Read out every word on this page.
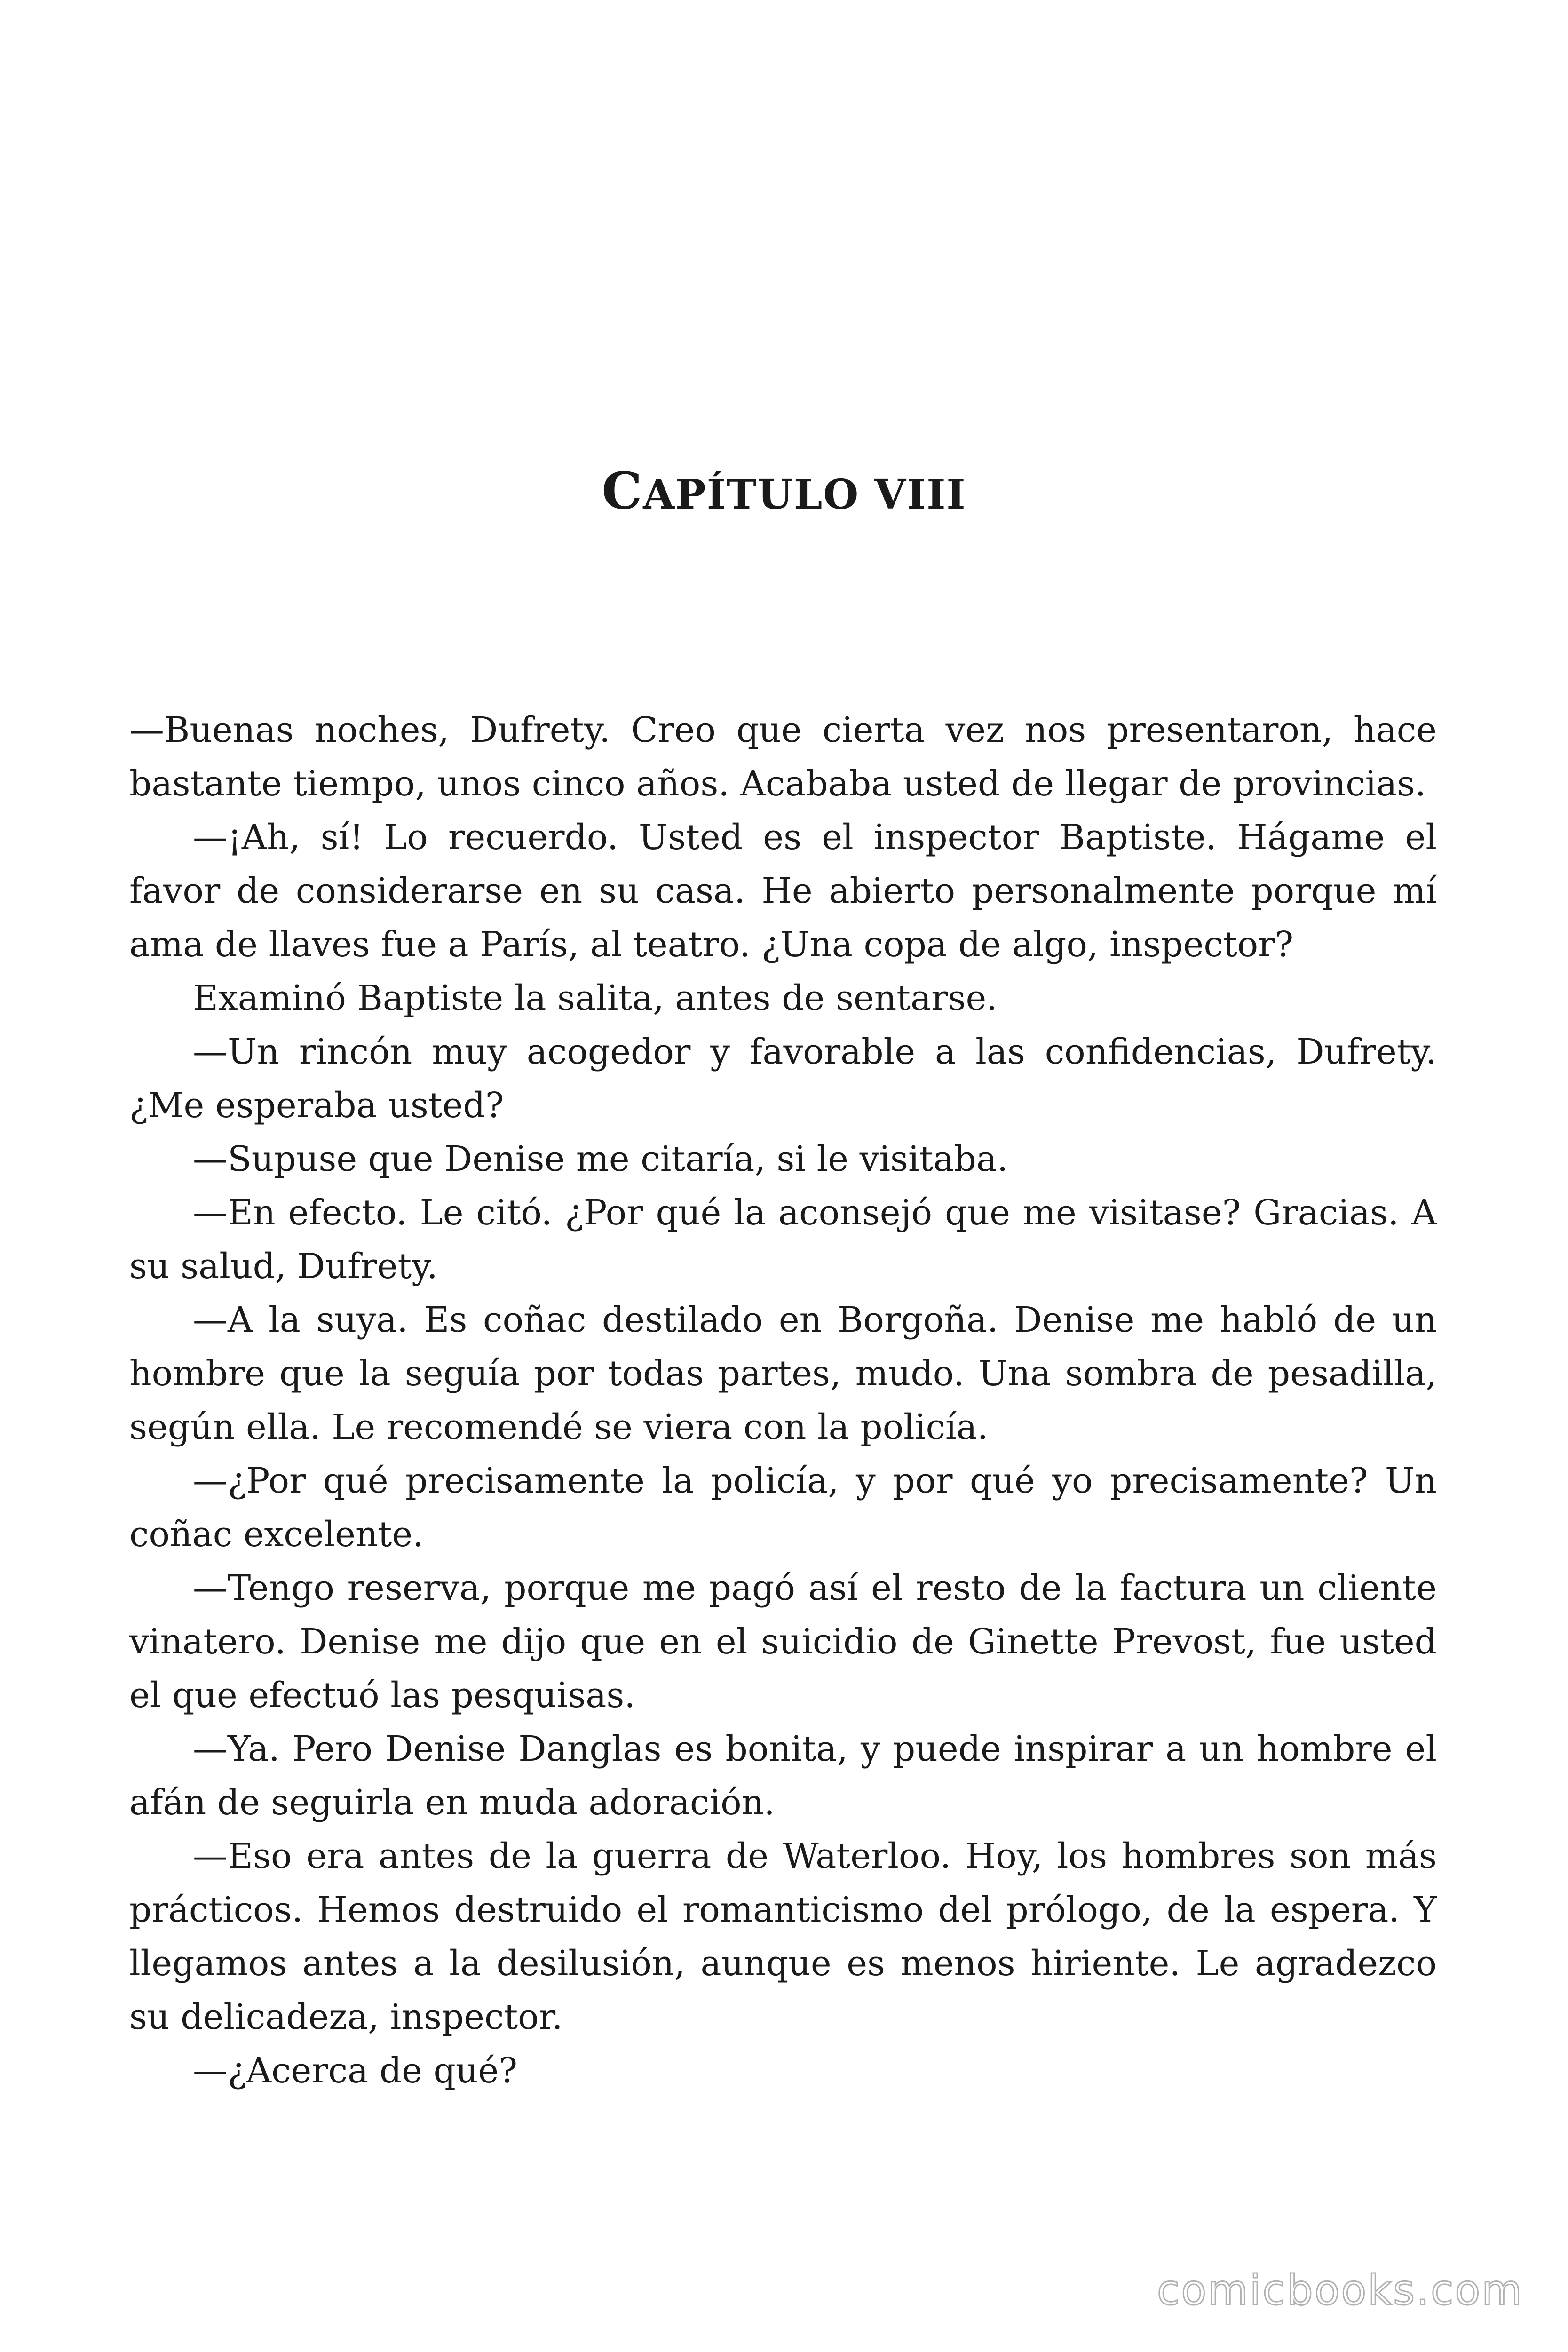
CAPÍTULO VIII

—Buenas noches, Dufrety. Creo que cierta vez nos presentaron, hace bastante tiempo, unos cinco años. Acababa usted de llegar de provincias.

—¡Ah, sí! Lo recuerdo. Usted es el inspector Baptiste. Hágame el favor de considerarse en su casa. He abierto personalmente porque mí ama de llaves fue a París, al teatro. ¿Una copa de algo, inspector?

Examinó Baptiste la salita, antes de sentarse.

—Un rincón muy acogedor y favorable a las confidencias, Dufrety. ¿Me esperaba usted?

—Supuse que Denise me citaría, si le visitaba.

—En efecto. Le citó. ¿Por qué la aconsejó que me visitase? Gracias. A su salud, Dufrety.

—A la suya. Es coñac destilado en Borgoña. Denise me habló de un hombre que la seguía por todas partes, mudo. Una sombra de pesadilla, según ella. Le recomendé se viera con la policía.

—¿Por qué precisamente la policía, y por qué yo precisamente? Un coñac excelente.

—Tengo reserva, porque me pagó así el resto de la factura un cliente vinatero. Denise me dijo que en el suicidio de Ginette Prevost, fue usted el que efectuó las pesquisas.

—Ya. Pero Denise Danglas es bonita, y puede inspirar a un hombre el afán de seguirla en muda adoración.

—Eso era antes de la guerra de Waterloo. Hoy, los hombres son más prácticos. Hemos destruido el romanticismo del prólogo, de la espera. Y llegamos antes a la desilusión, aunque es menos hiriente. Le agradezco su delicadeza, inspector.

—¿Acerca de qué?

comicbooks.com
